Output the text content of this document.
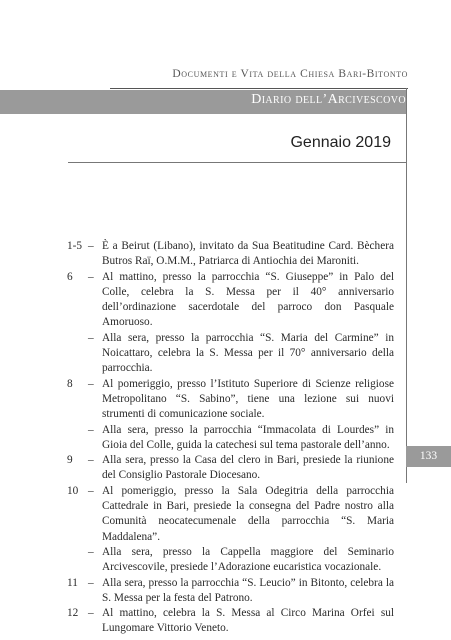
Documenti e Vita della Chiesa Bari-Bitonto
Diario dell’Arcivescovo
133
Gennaio 2019
1-5 – È a Beirut (Libano), invitato da Sua Beatitudine Card. Bèchera Butros Raï, O.M.M., Patriarca di Antiochia dei Maroniti.
6	– Al mattino, presso la parrocchia “S. Giuseppe” in Palo del Colle, celebra la S. Messa per il 40° anniversario dell’ordinazione sacerdotale del parroco don Pasquale Amoruoso.
– Alla sera, presso la parrocchia “S. Maria del Carmine” in Noicattaro, celebra la S. Messa per il 70° anniversario della parrocchia.
8	– Al pomeriggio, presso l’Istituto Superiore di Scienze religiose Metropolitano “S. Sabino”, tiene una lezione sui nuovi strumenti di comunicazione sociale.
– Alla sera, presso la parrocchia “Immacolata di Lourdes” in Gioia del Colle, guida la catechesi sul tema pastorale dell’anno.
9	– Alla sera, presso la Casa del clero in Bari, presiede la riunione del Consiglio Pastorale Diocesano.
10 – Al pomeriggio, presso la Sala Odegitria della parrocchia Cattedrale in Bari, presiede la consegna del Padre nostro alla Comunità neocatecumenale della parrocchia “S. Maria Maddalena”.
– Alla sera, presso la Cappella maggiore del Seminario Arcivescovile, presiede l’Adorazione eucaristica vocazionale.
11 – Alla sera, presso la parrocchia “S. Leucio” in Bitonto, celebra la S. Messa per la festa del Patrono.
12 – Al mattino, celebra la S. Messa al Circo Marina Orfei sul Lungomare Vittorio Veneto.
